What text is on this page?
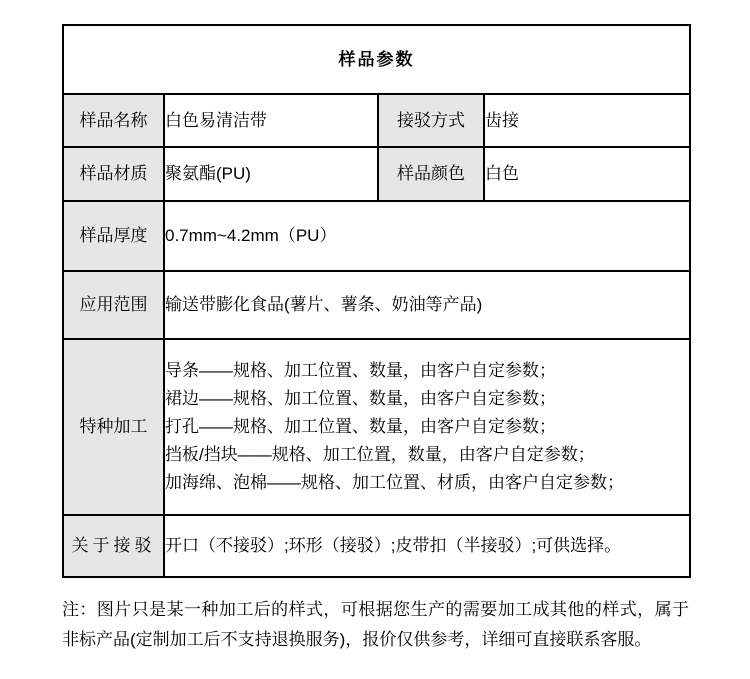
样品参数			
样品名称	白色易清洁带	接驳方式	齿接
样品材质	聚氨酯(PU)	样品颜色	白色
样品厚度	0.7mm~4.2mm（PU）		
应用范围	输送带膨化食品(薯片、薯条、奶油等产品)		
特种加工	导条——规格、加工位置、数量，由客户自定参数；
裙边——规格、加工位置、数量，由客户自定参数；
打孔——规格、加工位置、数量，由客户自定参数；
挡板/挡块——规格、加工位置，数量，由客户自定参数；
加海绵、泡棉——规格、加工位置、材质，由客户自定参数；		

关于接驳	开口（不接驳）;环形（接驳）;皮带扣（半接驳）;可供选择。		

注：图片只是某一种加工后的样式，可根据您生产的需要加工成其他的样式，属于非标产品(定制加工后不支持退换服务)，报价仅供参考，详细可直接联系客服。
